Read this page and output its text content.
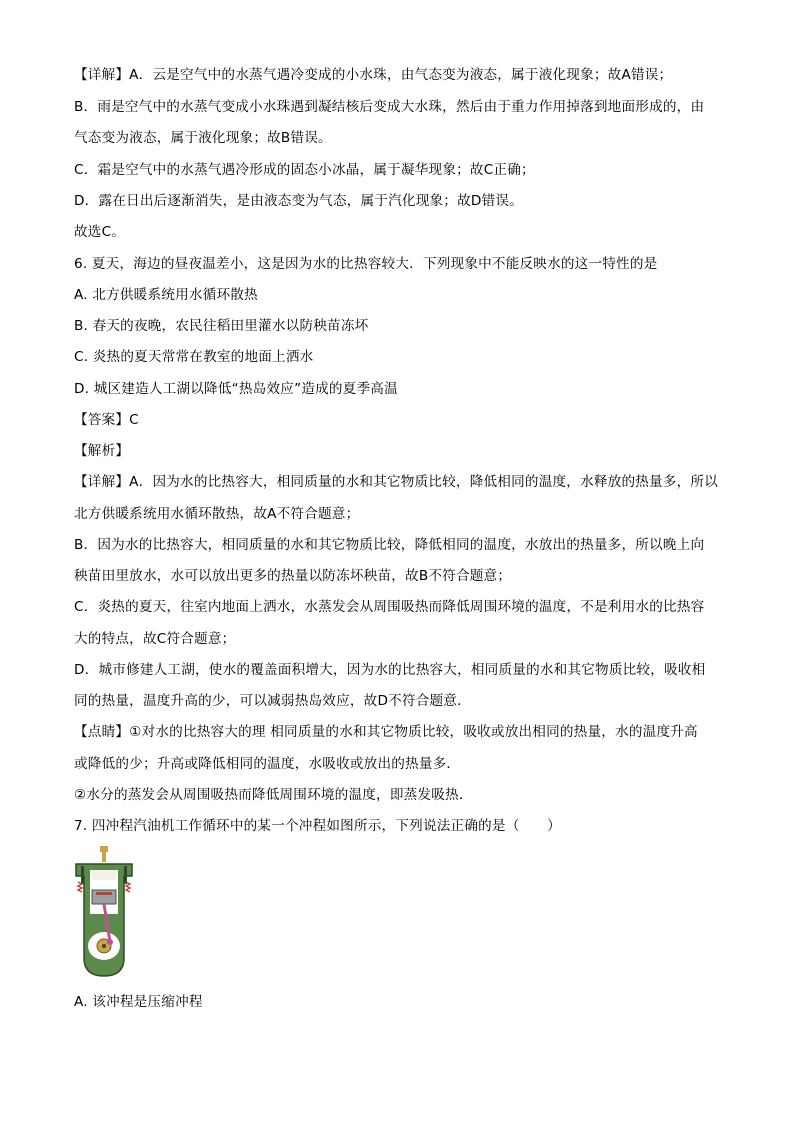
【详解】A．云是空气中的水蒸气遇冷变成的小水珠，由气态变为液态，属于液化现象；故A错误；
B．雨是空气中的水蒸气变成小水珠遇到凝结核后变成大水珠，然后由于重力作用掉落到地面形成的，由
气态变为液态，属于液化现象；故B错误。
C．霜是空气中的水蒸气遇冷形成的固态小冰晶，属于凝华现象；故C正确；
D．露在日出后逐渐消失，是由液态变为气态，属于汽化现象；故D错误。
故选C。
6. 夏天，海边的昼夜温差小，这是因为水的比热容较大．下列现象中不能反映水的这一特性的是
A. 北方供暖系统用水循环散热
B. 春天的夜晚，农民往稻田里灌水以防秧苗冻坏
C. 炎热的夏天常常在教室的地面上洒水
D. 城区建造人工湖以降低“热岛效应”造成的夏季高温
【答案】C
【解析】
【详解】A．因为水的比热容大，相同质量的水和其它物质比较，降低相同的温度，水释放的热量多，所以
北方供暖系统用水循环散热，故A不符合题意；
B．因为水的比热容大，相同质量的水和其它物质比较，降低相同的温度，水放出的热量多，所以晚上向
秧苗田里放水，水可以放出更多的热量以防冻坏秧苗，故B不符合题意；
C．炎热的夏天，往室内地面上洒水，水蒸发会从周围吸热而降低周围环境的温度，不是利用水的比热容
大的特点，故C符合题意；
D．城市修建人工湖，使水的覆盖面积增大，因为水的比热容大，相同质量的水和其它物质比较，吸收相
同的热量，温度升高的少，可以减弱热岛效应，故D不符合题意．
【点睛】①对水的比热容大的理 相同质量的水和其它物质比较，吸收或放出相同的热量，水的温度升高
或降低的少；升高或降低相同的温度，水吸收或放出的热量多．
②水分的蒸发会从周围吸热而降低周围环境的温度，即蒸发吸热．
7. 四冲程汽油机工作循环中的某一个冲程如图所示，下列说法正确的是（　　）
A. 该冲程是压缩冲程
